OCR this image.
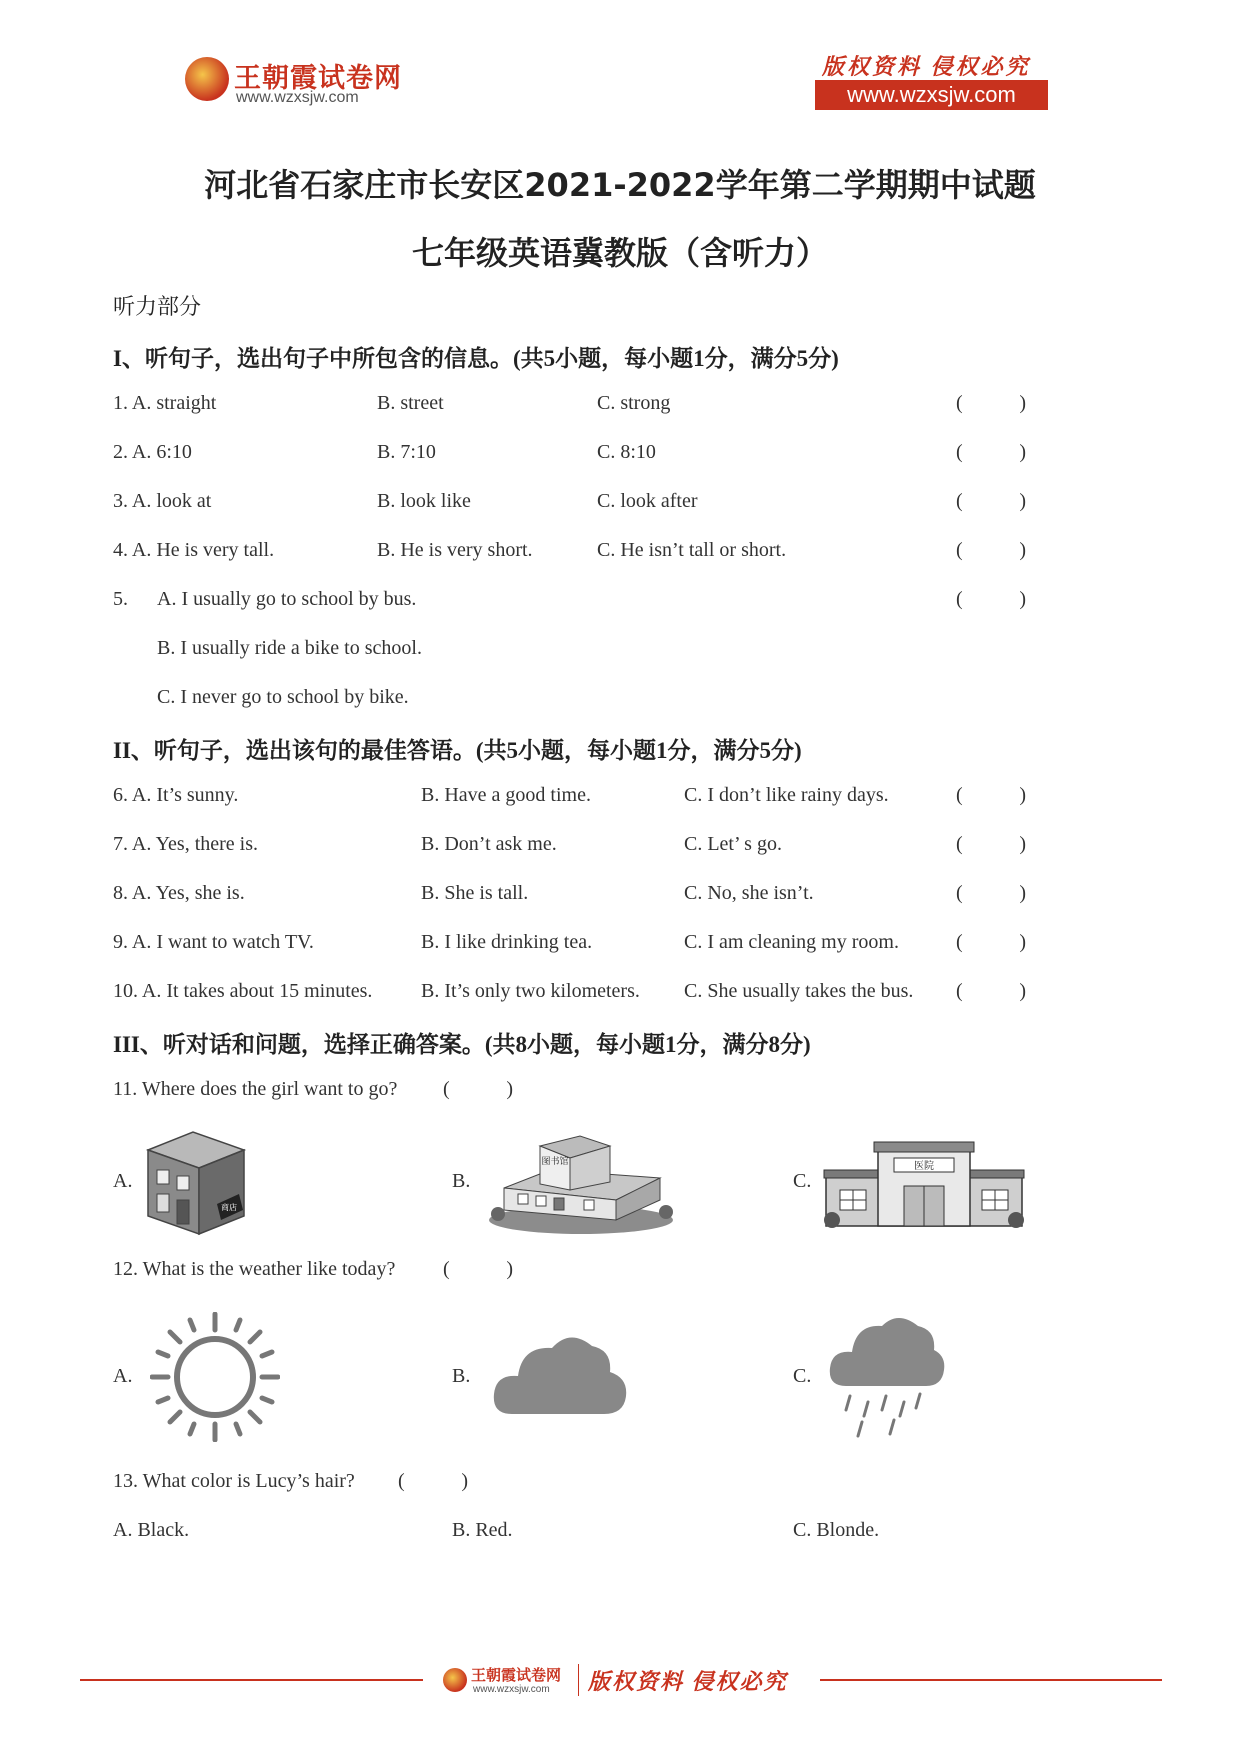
王朝霞试卷网
www.wzxsjw.com
版权资料 侵权必究
www.wzxsjw.com
河北省石家庄市长安区2021-2022学年第二学期期中试题
七年级英语冀教版（含听力）
听力部分
I、听句子，选出句子中所包含的信息。(共5小题，每小题1分，满分5分)
1. A. straight	B. street	C. strong	(	)
2. A. 6:10	B. 7:10	C. 8:10	(	)
3. A. look at	B. look like	C. look after	(	)
4. A. He is very tall.	B. He is very short.	C. He isn’t tall or short.	(	)
5. A. I usually go to school by bus.	(	)
B. I usually ride a bike to school.
C. I never go to school by bike.
II、听句子，选出该句的最佳答语。(共5小题，每小题1分，满分5分)
6. A. It’s sunny.	B. Have a good time.	C. I don’t like rainy days.	(	)
7. A. Yes, there is.	B. Don’t ask me.	C. Let’ s go.	(	)
8. A. Yes, she is.	B. She is tall.	C. No, she isn’t.	(	)
9. A. I want to watch TV.	B. I like drinking tea.	C. I am cleaning my room.	(	)
10. A. It takes about 15 minutes. B. It’s only two kilometers. C. She usually takes the bus. (	)
III、听对话和问题，选择正确答案。(共8小题，每小题1分，满分8分)
11. Where does the girl want to go? (	)
A.	B.	C.
商店
图书馆	医院
12. What is the weather like today? (	)
A.	B.	C.
13. What color is Lucy’s hair? (	)
A. Black.	B. Red.	C. Blonde.
王朝霞试卷网
www.wzxsjw.com 版权资料 侵权必究
